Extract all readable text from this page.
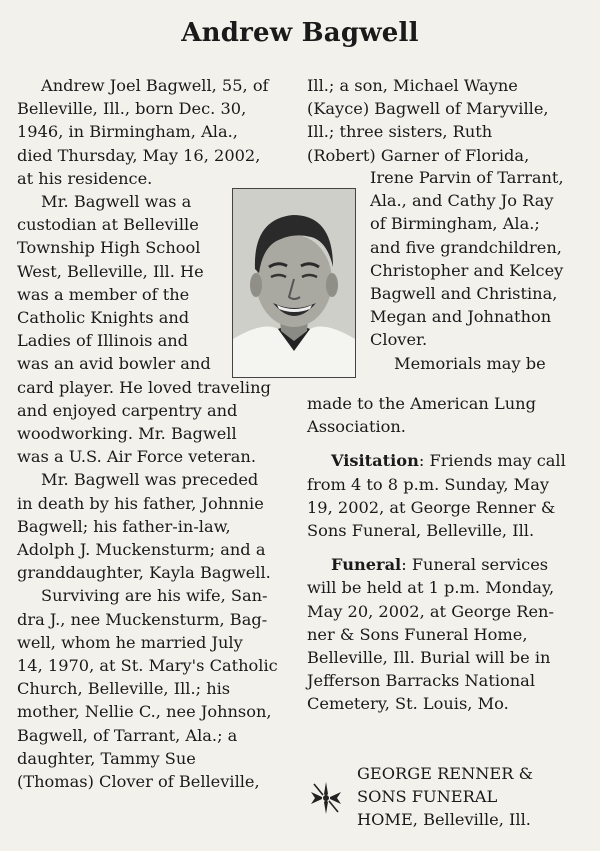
Andrew Bagwell
Andrew Joel Bagwell, 55, of
Belleville, Ill., born Dec. 30,
1946, in Birmingham, Ala.,
died Thursday, May 16, 2002,
at his residence.
Mr. Bagwell was a
custodian at Belleville
Township High School
West, Belleville, Ill. He
was a member of the
Catholic Knights and
Ladies of Illinois and
was an avid bowler and
card player. He loved traveling
and enjoyed carpentry and
woodworking. Mr. Bagwell
was a U.S. Air Force veteran.
Mr. Bagwell was preceded
in death by his father, Johnnie
Bagwell; his father-in-law,
Adolph J. Muckensturm; and a
granddaughter, Kayla Bagwell.
Surviving are his wife, San-
dra J., nee Muckensturm, Bag-
well, whom he married July
14, 1970, at St. Mary's Catholic
Church, Belleville, Ill.; his
mother, Nellie C., nee Johnson,
Bagwell, of Tarrant, Ala.; a
daughter, Tammy Sue
(Thomas) Clover of Belleville,
Ill.; a son, Michael Wayne
(Kayce) Bagwell of Maryville,
Ill.; three sisters, Ruth
(Robert) Garner of Florida,
Irene Parvin of Tarrant,
Ala., and Cathy Jo Ray
of Birmingham, Ala.;
and five grandchildren,
Christopher and Kelcey
Bagwell and Christina,
Megan and Johnathon
Clover.
Memorials may be
made to the American Lung
Association.
Visitation: Friends may call
from 4 to 8 p.m. Sunday, May
19, 2002, at George Renner &
Sons Funeral, Belleville, Ill.
Funeral: Funeral services
will be held at 1 p.m. Monday,
May 20, 2002, at George Ren-
ner & Sons Funeral Home,
Belleville, Ill. Burial will be in
Jefferson Barracks National
Cemetery, St. Louis, Mo.
GEORGE RENNER &
SONS FUNERAL
HOME, Belleville, Ill.
